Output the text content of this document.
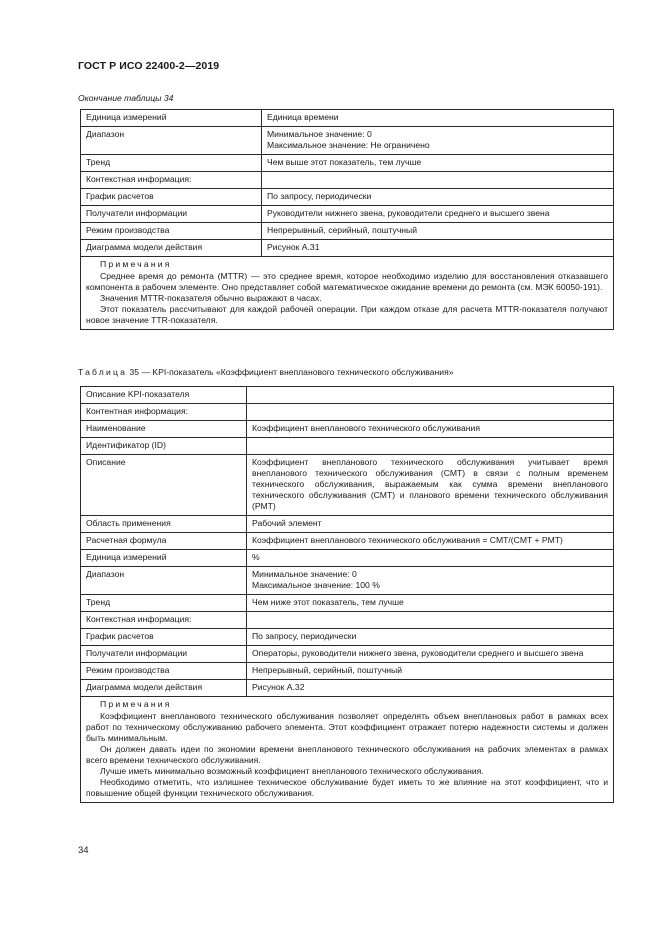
ГОСТ Р ИСО 22400-2—2019
Окончание таблицы 34
Единица измерений	Единица времени
Диапазон	Минимальное значение: 0
Максимальное значение: Не ограничено

Тренд	Чем выше этот показатель, тем лучше
Контекстная информация:	
График расчетов	По запросу, периодически
Получатели информации	Руководители нижнего звена, руководители среднего и высшего звена
Режим производства	Непрерывный, серийный, поштучный
Диаграмма модели действия	Рисунок А.31

Примечания

Среднее время до ремонта (MTTR) — это среднее время, которое необходимо изделию для восстановления отказавшего компонента в рабочем элементе. Оно представляет собой математическое ожидание времени до ремонта (см. МЭК 60050-191).

Значения MTTR-показателя обычно выражают в часах.

Этот показатель рассчитывают для каждой рабочей операции. При каждом отказе для расчета MTTR-показателя получают новое значение TTR-показателя.	

Таблица 35 — KPI-показатель «Коэффициент внепланового технического обслуживания»
Описание KPI-показателя	
Контентная информация:	
Наименование	Коэффициент внепланового технического обслуживания
Идентификатор (ID)	
Описание	Коэффициент внепланового технического обслуживания учитывает время внепланового технического обслуживания (СМТ) в связи с полным временем технического обслуживания, выражаемым как сумма времени внепланового технического обслуживания (СМТ) и планового времени технического обслуживания (РМТ)
Область применения	Рабочий элемент
Расчетная формула	Коэффициент внепланового технического обслуживания = CMT/(CMT + PMT)
Единица измерений	%
Диапазон	Минимальное значение: 0
Максимальное значение: 100 %

Тренд	Чем ниже этот показатель, тем лучше
Контекстная информация:	
График расчетов	По запросу, периодически
Получатели информации	Операторы, руководители нижнего звена, руководители среднего и высшего звена
Режим производства	Непрерывный, серийный, поштучный
Диаграмма модели действия	Рисунок А.32

Примечания

Коэффициент внепланового технического обслуживания позволяет определять объем внеплановых работ в рамках всех работ по техническому обслуживанию рабочего элемента. Этот коэффициент отражает потерю надежности системы и должен быть минимальным.

Он должен давать идеи по экономии времени внепланового технического обслуживания на рабочих элементах в рамках всего времени технического обслуживания.

Лучше иметь минимально возможный коэффициент внепланового технического обслуживания.

Необходимо отметить, что излишнее техническое обслуживание будет иметь то же влияние на этот коэффициент, что и повышение общей функции технического обслуживания.	

34
